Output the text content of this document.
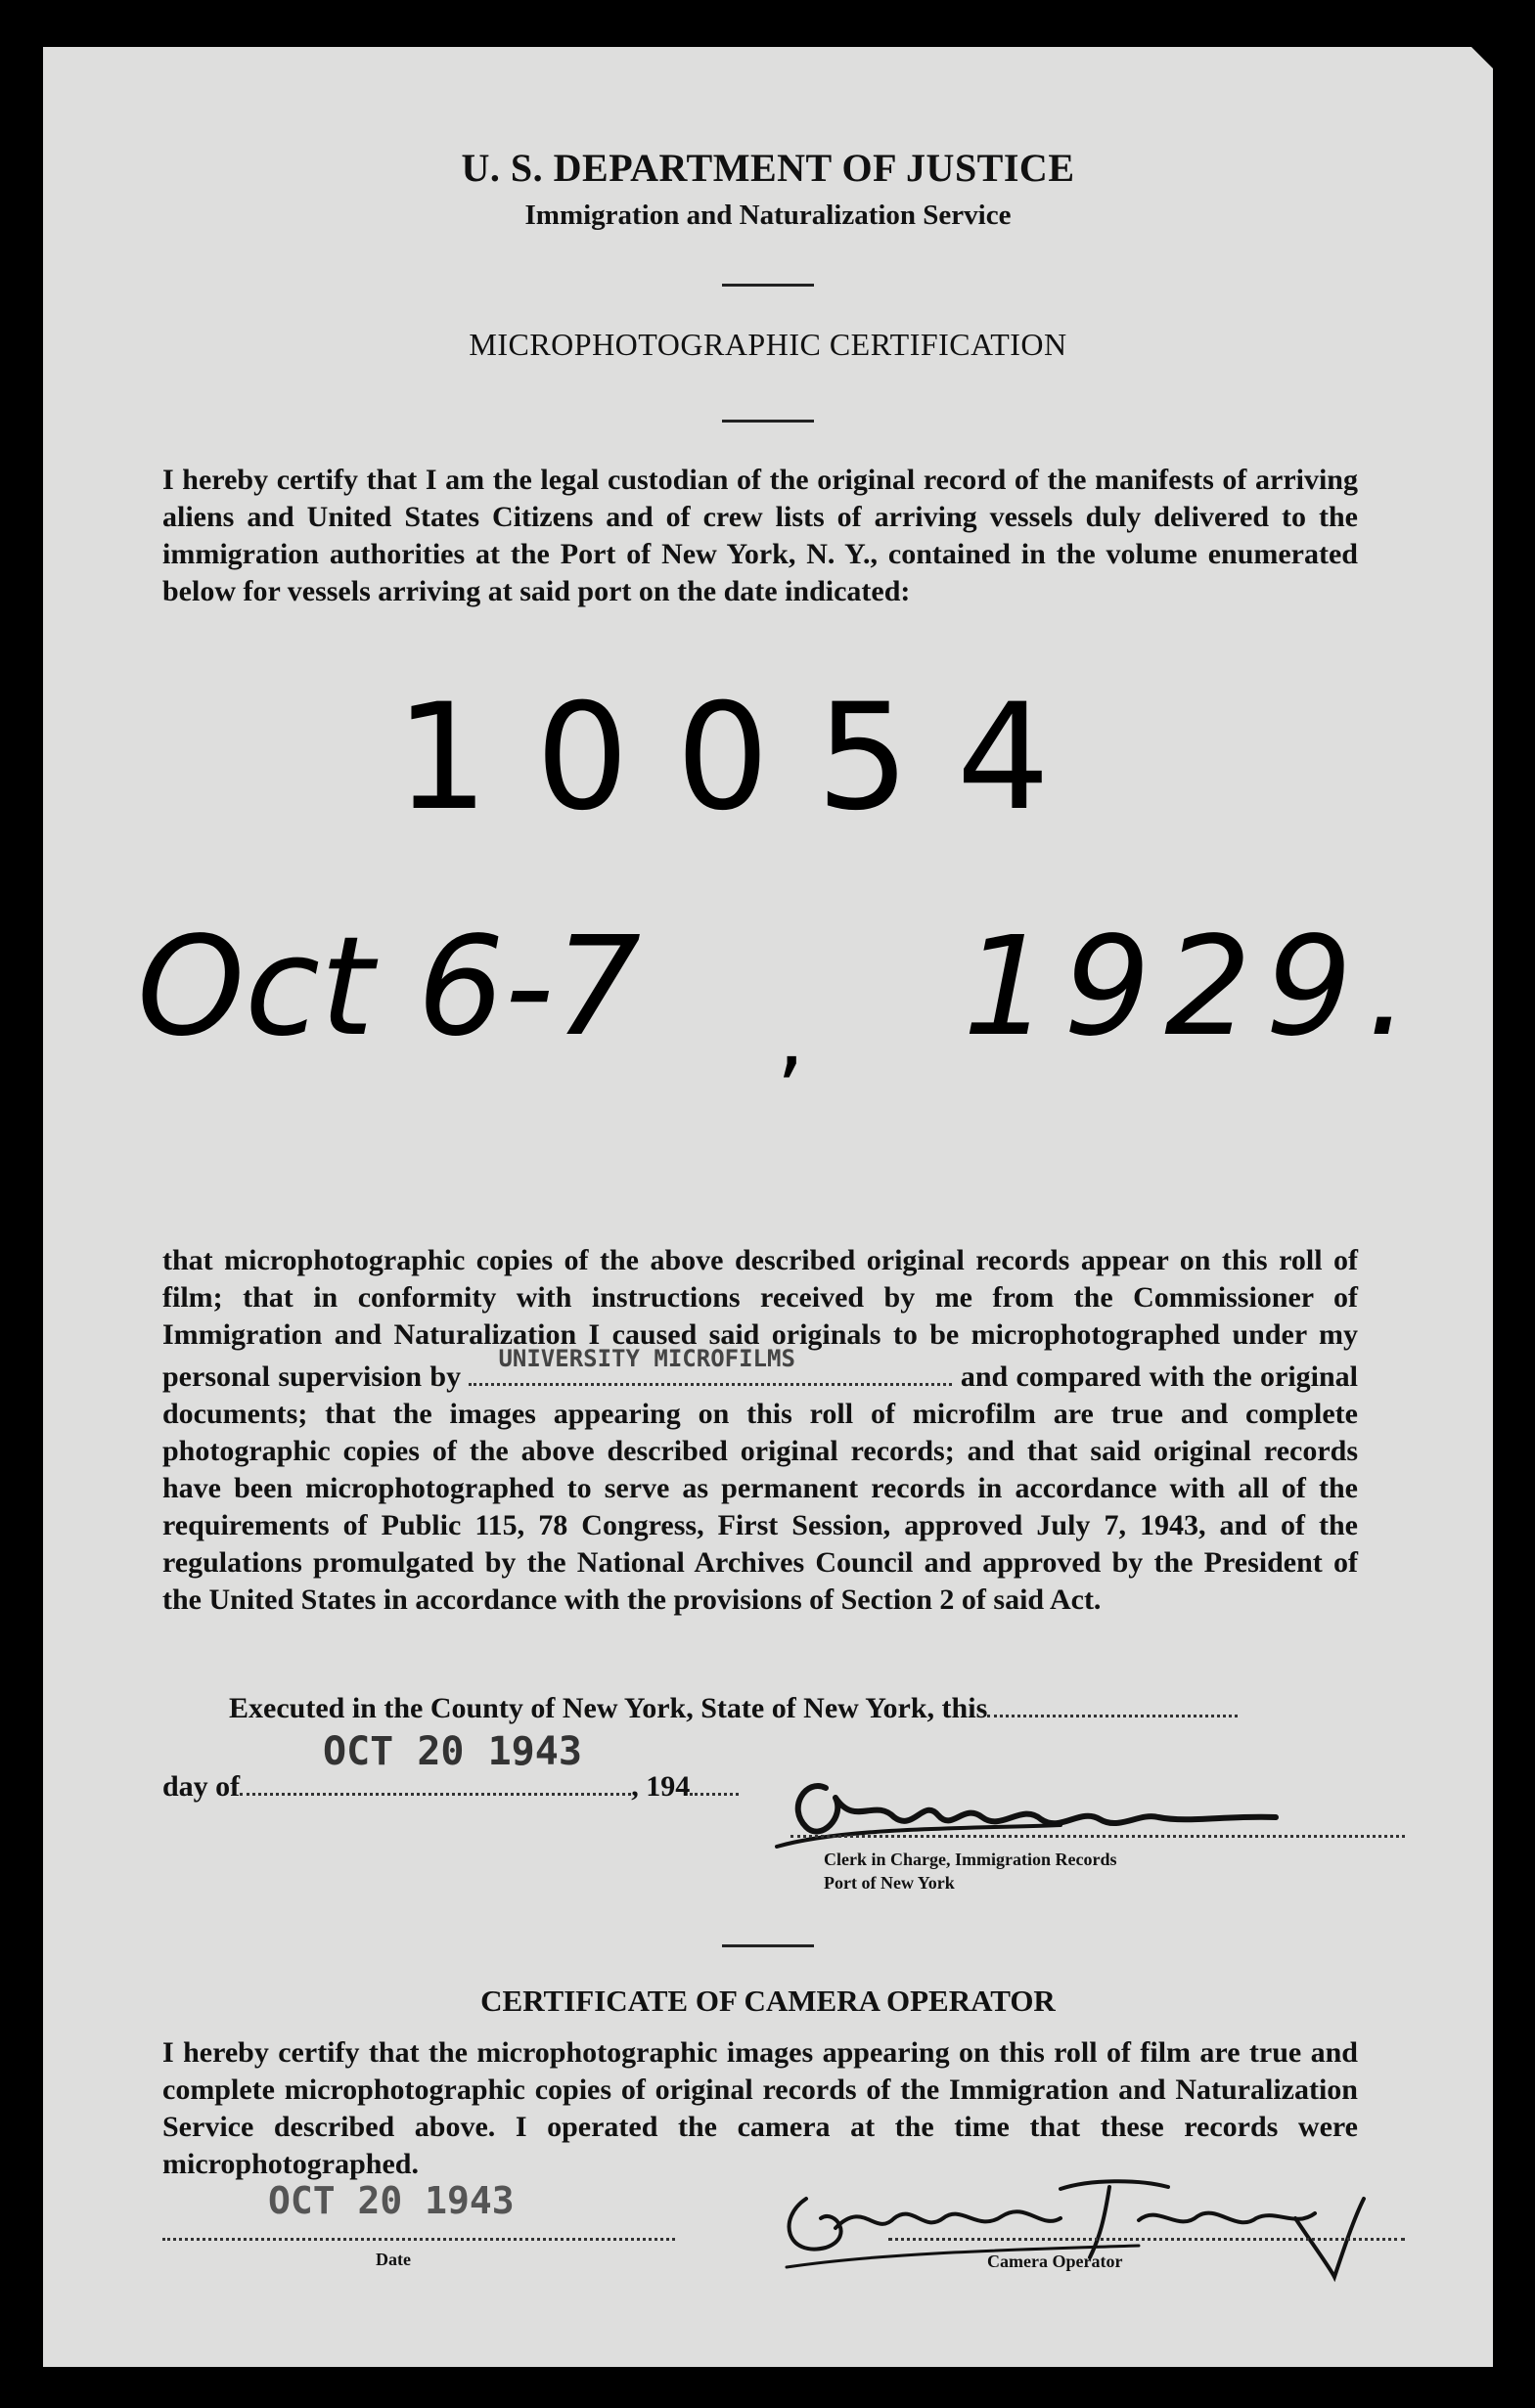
U. S. DEPARTMENT OF JUSTICE
Immigration and Naturalization Service
MICROPHOTOGRAPHIC CERTIFICATION
I hereby certify that I am the legal custodian of the original record of the manifests of arriving aliens and United States Citizens and of crew lists of arriving vessels duly delivered to the immigration authorities at the Port of New York, N. Y., contained in the volume enumerated below for vessels arriving at said port on the date indicated:
10054
Oct 6-7 , 1929.
that microphotographic copies of the above described original records appear on this roll of film; that in conformity with instructions received by me from the Commissioner of Immigration and Naturalization I caused said originals to be microphotographed under my personal supervision by
UNIVERSITY MICROFILMS
and compared with the original documents; that the images appearing on this roll of microfilm are true and complete photographic copies of the above described original records; and that said original records have been microphotographed to serve as permanent records in accordance with all of the requirements of Public 115, 78 Congress, First Session, approved July 7, 1943, and of the regulations promulgated by the National Archives Council and approved by the President of the United States in accordance with the provisions of Section 2 of said Act.
Executed in the County of New York, State of New York, this
day of	, 194
OCT 20 1943
Clerk in Charge, Immigration Records
Port of New York
CERTIFICATE OF CAMERA OPERATOR
I hereby certify that the microphotographic images appearing on this roll of film are true and complete microphotographic copies of original records of the Immigration and Naturalization Service described above. I operated the camera at the time that these records were microphotographed.
OCT 20 1943
Date	Camera Operator
